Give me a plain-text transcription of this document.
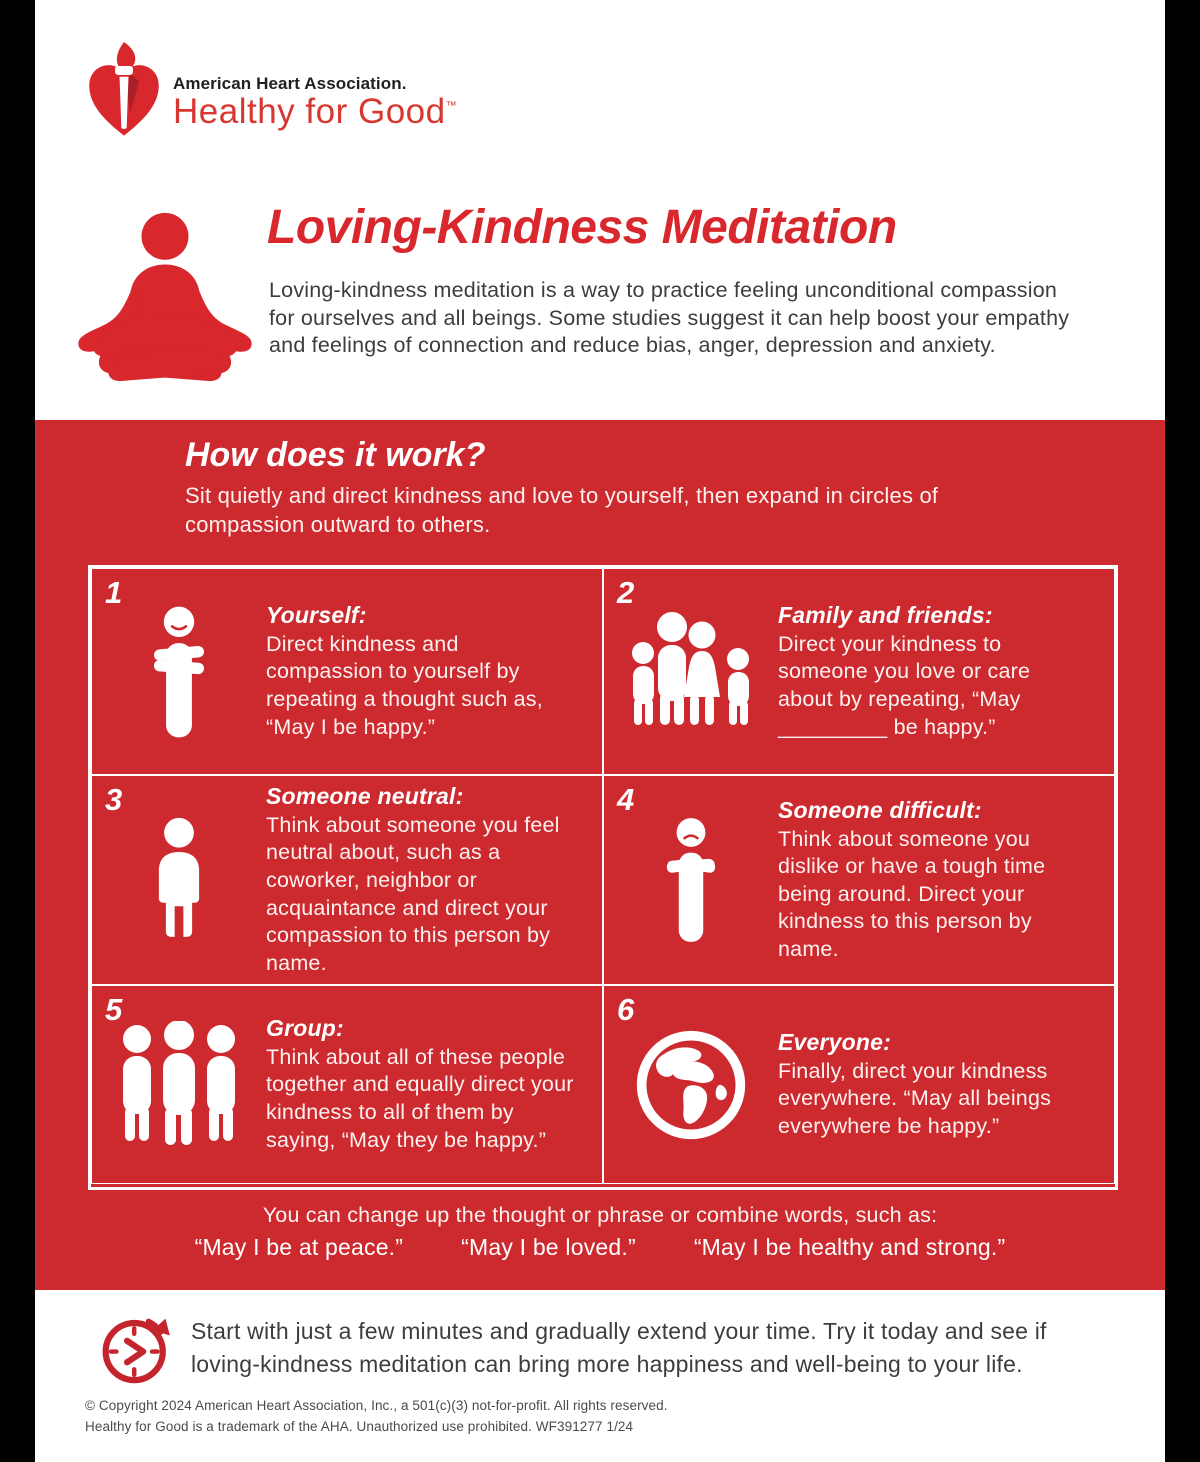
American Heart Association.
Healthy for Good™
Loving-Kindness Meditation

Loving-kindness meditation is a way to practice feeling unconditional compassion for ourselves and all beings. Some studies suggest it can help boost your empathy and feelings of connection and reduce bias, anger, depression and anxiety.

How does it work?
Sit quietly and direct kindness and love to yourself, then expand in circles of compassion outward to others.
1
Yourself:
Direct kindness and compassion to yourself by repeating a thought such as, “May I be happy.”
2
Family and friends:
Direct your kindness to someone you love or care about by repeating, “May _________ be happy.”
3	Someone neutral:
Think about someone you feel neutral about, such as a coworker, neighbor or acquaintance and direct your compassion to this person by name.
4	Someone difficult:
Think about someone you dislike or have a tough time being around. Direct your kindness to this person by name.
5
Group:
Think about all of these people together and equally direct your kindness to all of them by saying, “May they be happy.”
6
Everyone:
Finally, direct your kindness everywhere. “May all beings everywhere be happy.”
You can change up the thought or phrase or combine words, such as:
“May I be at peace.”	“May I be loved.”	“May I be healthy and strong.”

Start with just a few minutes and gradually extend your time. Try it today and see if loving-kindness meditation can bring more happiness and well-being to your life.

© Copyright 2024 American Heart Association, Inc., a 501(c)(3) not-for-profit. All rights reserved.
Healthy for Good is a trademark of the AHA. Unauthorized use prohibited. WF391277 1/24
